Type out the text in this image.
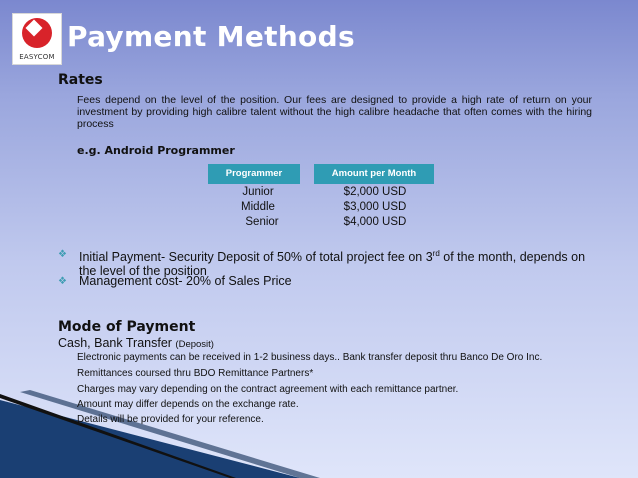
EASYCOM
Payment Methods
Rates
Fees depend on the level of the position. Our fees are designed to provide a high rate of return on your investment by providing high calibre talent without the high calibre headache that often comes with the hiring process
e.g. Android Programmer
Programmer	Amount per Month
Junior	$2,000 USD
Middle	$3,000 USD
Senior	$4,000 USD
❖ Initial Payment- Security Deposit of 50% of total project fee on 3rd of the month, depends on the level of the position
❖ Management cost- 20% of Sales Price
Mode of Payment
Cash, Bank Transfer (Deposit)
Electronic payments can be received in 1-2 business days.. Bank transfer deposit thru Banco De Oro Inc.
Remittances coursed thru BDO Remittance Partners*
Charges may vary depending on the contract agreement with each remittance partner.
Amount may differ depends on the exchange rate.
Details will be provided for your reference.
